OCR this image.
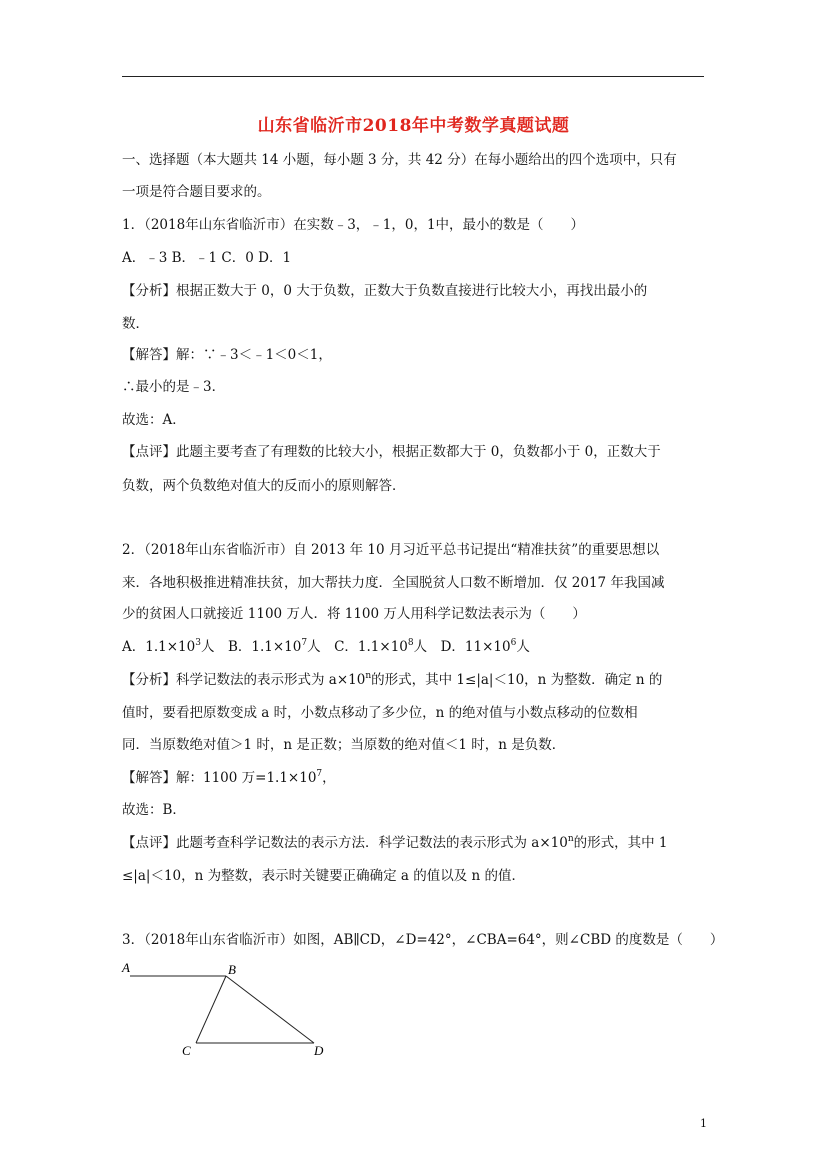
山东省临沂市2018年中考数学真题试题
一、选择题（本大题共 14 小题，每小题 3 分，共 42 分）在每小题给出的四个选项中，只有
一项是符合题目要求的。
1．（2018年山东省临沂市）在实数﹣3，﹣1，0，1中，最小的数是（　　）
A．﹣3 B．﹣1 C．0 D．1
【分析】根据正数大于 0，0 大于负数，正数大于负数直接进行比较大小，再找出最小的
数．
【解答】解：∵﹣3＜﹣1＜0＜1，
∴最小的是﹣3．
故选：A．
【点评】此题主要考查了有理数的比较大小，根据正数都大于 0，负数都小于 0，正数大于
负数，两个负数绝对值大的反而小的原则解答．
2．（2018年山东省临沂市）自 2013 年 10 月习近平总书记提出“精准扶贫”的重要思想以
来．各地积极推进精准扶贫，加大帮扶力度．全国脱贫人口数不断增加．仅 2017 年我国减
少的贫困人口就接近 1100 万人．将 1100 万人用科学记数法表示为（　　）
A．$1.1\times 10^3$人　B．$1.1\times 10^7$人　C．$1.1\times 10^8$人　D．$11\times 10^6$人
【分析】科学记数法的表示形式为 $a\times 10^n$的形式，其中 1≤|a|＜10，n 为整数．确定 n 的
值时，要看把原数变成 a 时，小数点移动了多少位，n 的绝对值与小数点移动的位数相
同．当原数绝对值＞1 时，n 是正数；当原数的绝对值＜1 时，n 是负数．
【解答】解：1100 万$=1.1\times 10^7$，
故选：B．
【点评】此题考查科学记数法的表示方法．科学记数法的表示形式为 $a\times 10^n$的形式，其中 1
≤|a|＜10，n 为整数，表示时关键要正确确定 a 的值以及 n 的值．
3．（2018年山东省临沂市）如图，AB∥CD，∠D=42°，∠CBA=64°，则∠CBD 的度数是（　　）
A	B
C	D
1
